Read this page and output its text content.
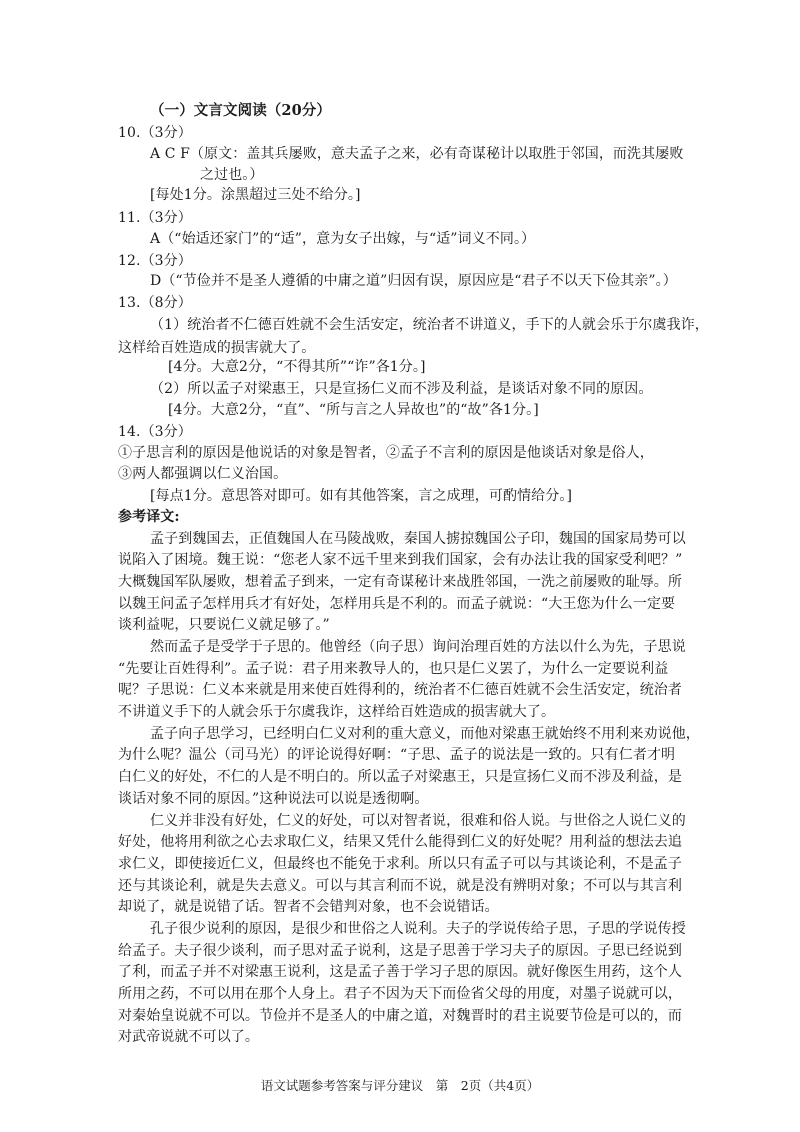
（一）文言文阅读（20分）
10.（3分）
A C F（原文：盖其兵屡败，意夫孟子之来，必有奇谋秘计以取胜于邻国，而洗其屡败
之过也。）
[每处1分。涂黑超过三处不给分。]
11.（3分）
A（“始适还家门”的“适”，意为女子出嫁，与“适”词义不同。）
12.（3分）
D（“节俭并不是圣人遵循的中庸之道”归因有误，原因应是“君子不以天下俭其亲”。）
13.（8分）
（1）统治者不仁德百姓就不会生活安定，统治者不讲道义，手下的人就会乐于尔虞我诈，
这样给百姓造成的损害就大了。
[4分。大意2分，“不得其所”“诈”各1分。]
（2）所以孟子对梁惠王，只是宣扬仁义而不涉及利益，是谈话对象不同的原因。
[4分。大意2分，“直”、“所与言之人异故也”的“故”各1分。]
14.（3分）
①子思言利的原因是他说话的对象是智者，②孟子不言利的原因是他谈话对象是俗人，
③两人都强调以仁义治国。
[每点1分。意思答对即可。如有其他答案，言之成理，可酌情给分。]
参考译文:
孟子到魏国去，正值魏国人在马陵战败，秦国人掳掠魏国公子印，魏国的国家局势可以
说陷入了困境。魏王说：“您老人家不远千里来到我们国家，会有办法让我的国家受利吧？”
大概魏国军队屡败，想着孟子到来，一定有奇谋秘计来战胜邻国，一洗之前屡败的耻辱。所
以魏王问孟子怎样用兵才有好处，怎样用兵是不利的。而孟子就说：“大王您为什么一定要
谈利益呢，只要说仁义就足够了。”
然而孟子是受学于子思的。他曾经（向子思）询问治理百姓的方法以什么为先，子思说
“先要让百姓得利”。孟子说：君子用来教导人的，也只是仁义罢了，为什么一定要说利益
呢？子思说：仁义本来就是用来使百姓得利的，统治者不仁德百姓就不会生活安定，统治者
不讲道义手下的人就会乐于尔虞我诈，这样给百姓造成的损害就大了。
孟子向子思学习，已经明白仁义对利的重大意义，而他对梁惠王就始终不用利来劝说他，
为什么呢？温公（司马光）的评论说得好啊：“子思、孟子的说法是一致的。只有仁者才明
白仁义的好处，不仁的人是不明白的。所以孟子对梁惠王，只是宣扬仁义而不涉及利益，是
谈话对象不同的原因。”这种说法可以说是透彻啊。
仁义并非没有好处，仁义的好处，可以对智者说，很难和俗人说。与世俗之人说仁义的
好处，他将用利欲之心去求取仁义，结果又凭什么能得到仁义的好处呢？用利益的想法去追
求仁义，即使接近仁义，但最终也不能免于求利。所以只有孟子可以与其谈论利，不是孟子
还与其谈论利，就是失去意义。可以与其言利而不说，就是没有辨明对象；不可以与其言利
却说了，就是说错了话。智者不会错判对象，也不会说错话。
孔子很少说利的原因，是很少和世俗之人说利。夫子的学说传给子思，子思的学说传授
给孟子。夫子很少谈利，而子思对孟子说利，这是子思善于学习夫子的原因。子思已经说到
了利，而孟子并不对梁惠王说利，这是孟子善于学习子思的原因。就好像医生用药，这个人
所用之药，不可以用在那个人身上。君子不因为天下而俭省父母的用度，对墨子说就可以，
对秦始皇说就不可以。节俭并不是圣人的中庸之道，对魏晋时的君主说要节俭是可以的，而
对武帝说就不可以了。
语文试题参考答案与评分建议　第　2页（共4页）
